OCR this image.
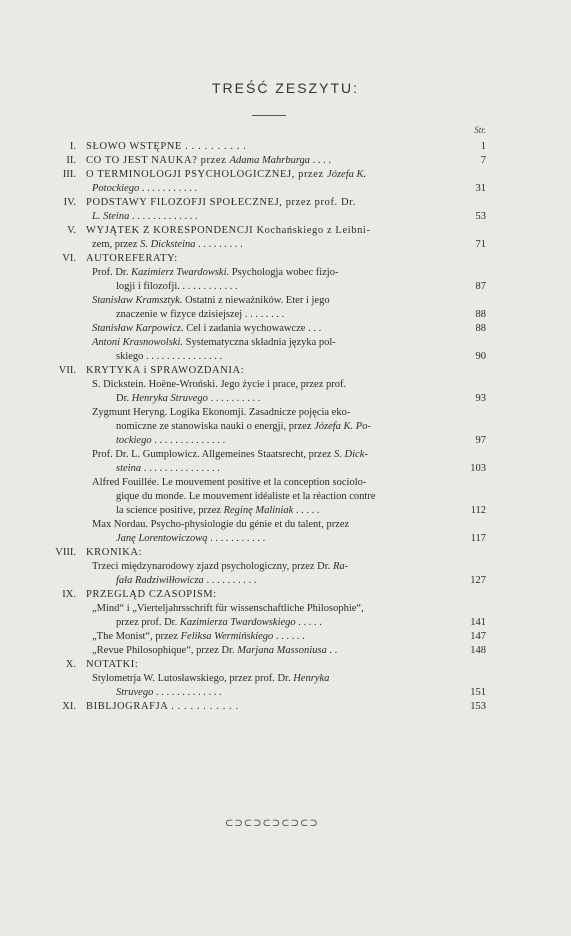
TREŚĆ ZESZYTU:
Str.
I. SŁOWO WSTĘPNE . . . . . . . . . .	1
II. CO TO JEST NAUKA? przez Adama Mahrburga . . . .	7
III. O TERMINOLOGJI PSYCHOLOGICZNEJ, przez Józefa K.
Potockiego . . . . . . . . . . .	31
IV. PODSTAWY FILOZOFJI SPOŁECZNEJ, przez prof. Dr.
L. Steina . . . . . . . . . . . . .	53
V. WYJĄTEK Z KORESPONDENCJI Kochańskiego z Leibni-
zem, przez S. Dicksteina . . . . . . . . .	71
VI. AUTOREFERATY:
Prof. Dr. Kazimierz Twardowski. Psychologja wobec fizjo-
logji i filozofji. . . . . . . . . . . .	87
Stanisław Kramsztyk. Ostatni z nieważników. Eter i jego
znaczenie w fizyce dzisiejszej . . . . . . . .	88
Stanisław Karpowicz. Cel i zadania wychowawcze . . .	88
Antoni Krasnowolski. Systematyczna składnia języka pol-
skiego . . . . . . . . . . . . . . .	90
VII. KRYTYKA i SPRAWOZDANIA:
S. Dickstein. Hoëne-Wroński. Jego życie i prace, przez prof.
Dr. Henryka Struvego . . . . . . . . . .	93
Zygmunt Heryng. Logika Ekonomji. Zasadnicze pojęcia eko-
nomiczne ze stanowiska nauki o energji, przez Józefa K. Po-
tockiego . . . . . . . . . . . . . .	97
Prof. Dr. L. Gumplowicz. Allgemeines Staatsrecht, przez S. Dick-
steina . . . . . . . . . . . . . . .	103
Alfred Fouillée. Le mouvement positive et la conception sociolo-
gique du monde. Le mouvement idéaliste et la réaction contre
la science positive, przez Reginę Maliniak . . . . .	112
Max Nordau. Psycho-physiologie du génie et du talent, przez
Janę Lorentowiczową . . . . . . . . . . .	117
VIII. KRONIKA:
Trzeci międzynarodowy zjazd psychologiczny, przez Dr. Ra-
fała Radziwiłłowicza . . . . . . . . . .	127
IX. PRZEGLĄD CZASOPISM:
„Mind“ i „Vierteljahrsschrift für wissenschaftliche Philosophie“,
przez prof. Dr. Kazimierza Twardowskiego . . . . .	141
„The Monist“, przez Feliksa Wermińskiego . . . . . .	147
„Revue Philosophique“, przez Dr. Marjana Massoniusa . .	148
X. NOTATKI:
Stylometrja W. Lutosławskiego, przez prof. Dr. Henryka
Struvego . . . . . . . . . . . . .	151
XI. BIBLJOGRAFJA . . . . . . . . . . .	153
⊂⊃⊂⊃⊂⊃⊂⊃⊂⊃
